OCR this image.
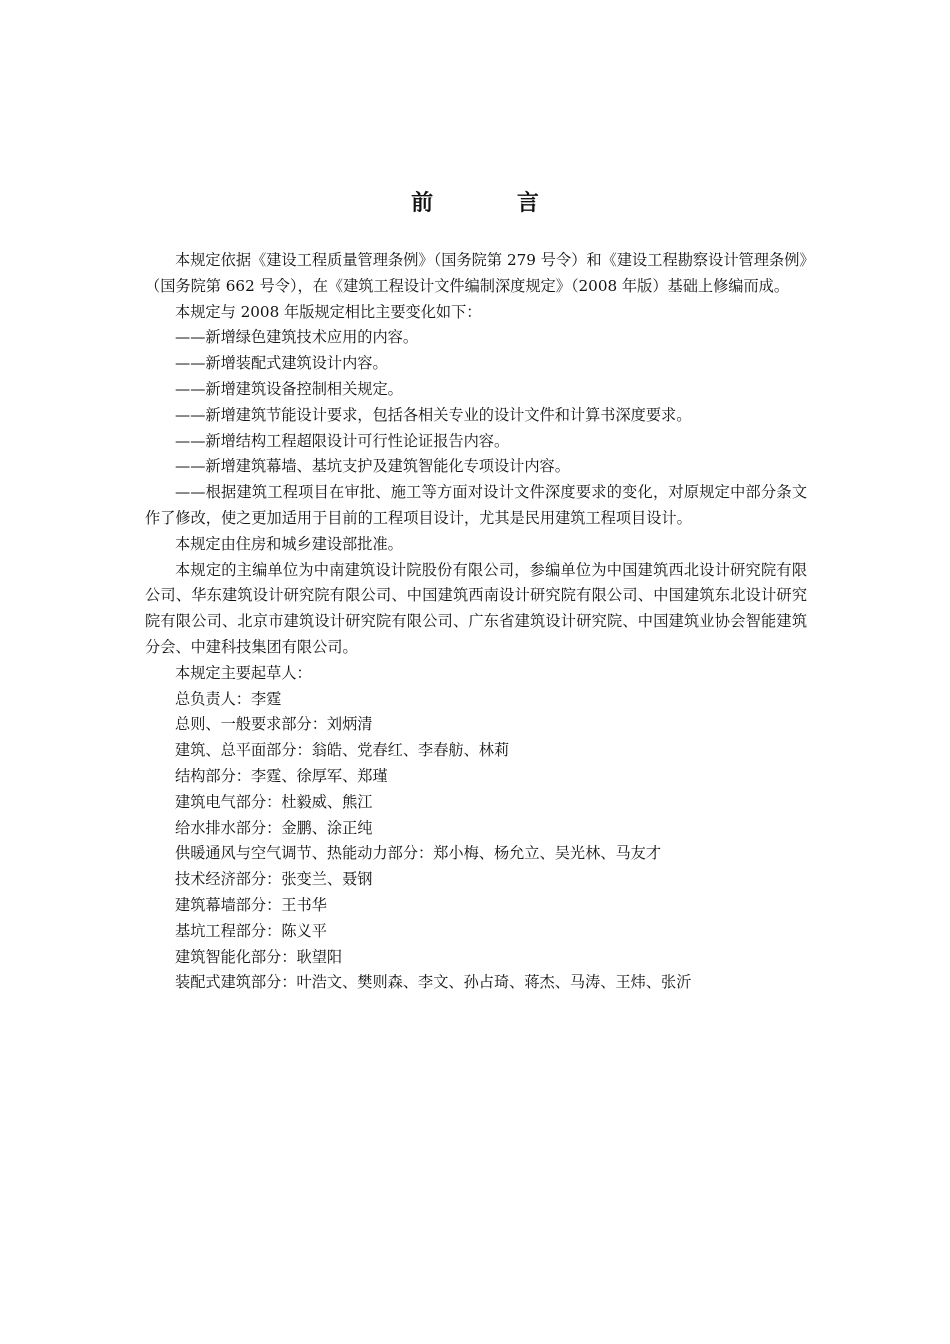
前 言

本规定依据《建设工程质量管理条例》（国务院第 279 号令）和《建设工程勘察设计管理条例》（国务院第 662 号令），在《建筑工程设计文件编制深度规定》（2008 年版）基础上修编而成。

本规定与 2008 年版规定相比主要变化如下：

——新增绿色建筑技术应用的内容。

——新增装配式建筑设计内容。

——新增建筑设备控制相关规定。

——新增建筑节能设计要求，包括各相关专业的设计文件和计算书深度要求。

——新增结构工程超限设计可行性论证报告内容。

——新增建筑幕墙、基坑支护及建筑智能化专项设计内容。

——根据建筑工程项目在审批、施工等方面对设计文件深度要求的变化，对原规定中部分条文作了修改，使之更加适用于目前的工程项目设计，尤其是民用建筑工程项目设计。

本规定由住房和城乡建设部批准。

本规定的主编单位为中南建筑设计院股份有限公司，参编单位为中国建筑西北设计研究院有限公司、华东建筑设计研究院有限公司、中国建筑西南设计研究院有限公司、中国建筑东北设计研究院有限公司、北京市建筑设计研究院有限公司、广东省建筑设计研究院、中国建筑业协会智能建筑分会、中建科技集团有限公司。

本规定主要起草人：

总负责人：李霆

总则、一般要求部分：刘炳清

建筑、总平面部分：翁皓、党春红、李春舫、林莉

结构部分：李霆、徐厚军、郑瑾

建筑电气部分：杜毅威、熊江

给水排水部分：金鹏、涂正纯

供暖通风与空气调节、热能动力部分：郑小梅、杨允立、吴光林、马友才

技术经济部分：张变兰、聂钢

建筑幕墙部分：王书华

基坑工程部分：陈义平

建筑智能化部分：耿望阳

装配式建筑部分：叶浩文、樊则森、李文、孙占琦、蒋杰、马涛、王炜、张沂
